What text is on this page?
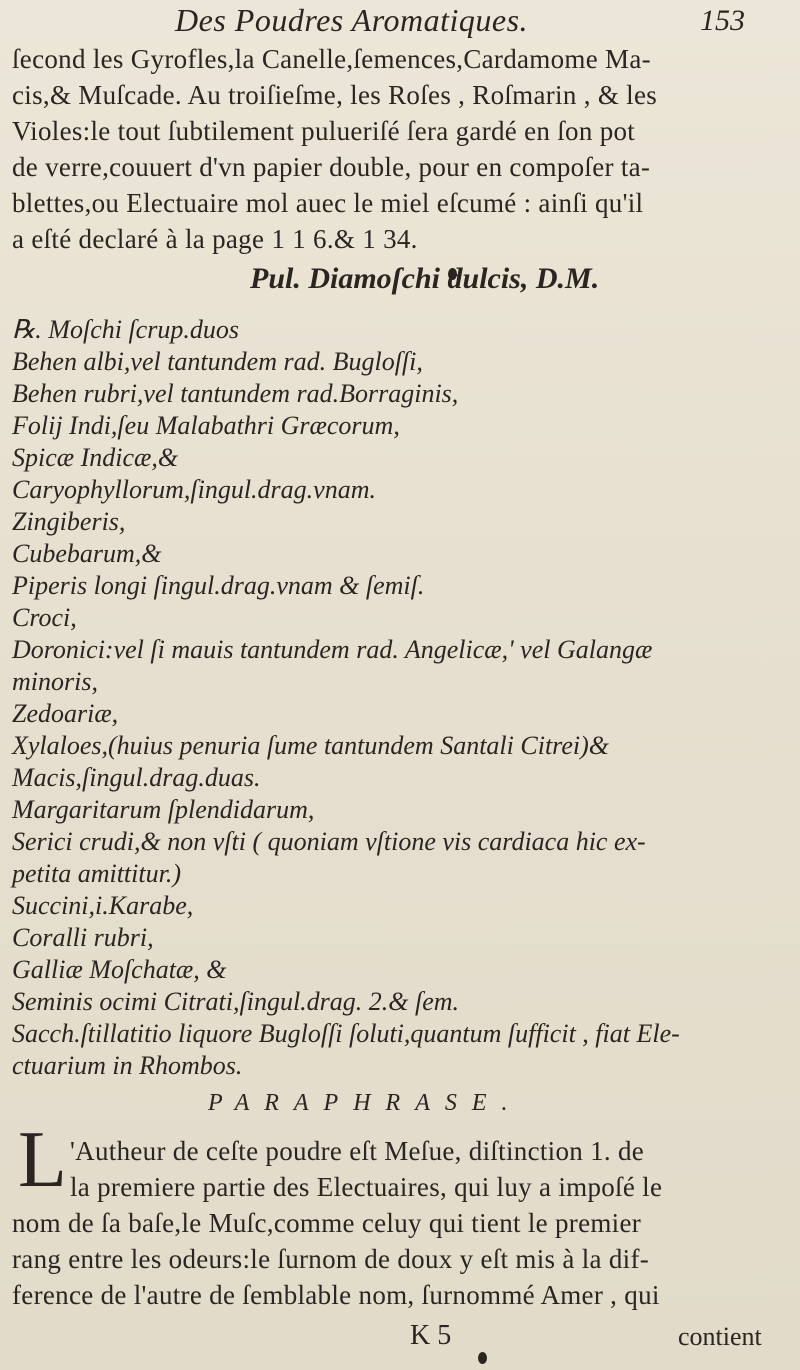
Des Poudres Aromatiques.	153
ſecond les Gyrofles,la Canelle,ſemences,Cardamome Ma-
cis,& Muſcade. Au troiſieſme, les Roſes , Roſmarin , & les
Violes:le tout ſubtilement pulueriſé ſera gardé en ſon pot
de verre,couuert d'vn papier double, pour en compoſer ta-
blettes,ou Electuaire mol auec le miel eſcumé : ainſi qu'il
a eſté declaré à la page 1 1 6.& 1 34.
Pul. Diamoſchi dulcis, D.M.
℞. Moſchi ſcrup.duos
Behen albi,vel tantundem rad. Bugloſſi,
Behen rubri,vel tantundem rad.Borraginis,
Folij Indi,ſeu Malabathri Græcorum,
Spicæ Indicæ,&
Caryophyllorum,ſingul.drag.vnam.
Zingiberis,
Cubebarum,&
Piperis longi ſingul.drag.vnam & ſemiſ.
Croci,
Doronici:vel ſi mauis tantundem rad. Angelicæ,' vel Galangæ
minoris,
Zedoariæ,
Xylaloes,(huius penuria ſume tantundem Santali Citrei)&
Macis,ſingul.drag.duas.
Margaritarum ſplendidarum,
Serici crudi,& non vſti ( quoniam vſtione vis cardiaca hic ex-
petita amittitur.)
Succini,i.Karabe,
Coralli rubri,
Galliæ Moſchatæ, &
Seminis ocimi Citrati,ſingul.drag. 2.& ſem.
Sacch.ſtillatitio liquore Bugloſſi ſoluti,quantum ſufficit , fiat Ele-
ctuarium in Rhombos.
PARAPHRASE.
L 'Autheur de ceſte poudre eſt Meſue, diſtinction 1. de
la premiere partie des Electuaires, qui luy a impoſé le
nom de ſa baſe,le Muſc,comme celuy qui tient le premier
rang entre les odeurs:le ſurnom de doux y eſt mis à la dif-
ference de l'autre de ſemblable nom, ſurnommé Amer , qui
K 5	contient
